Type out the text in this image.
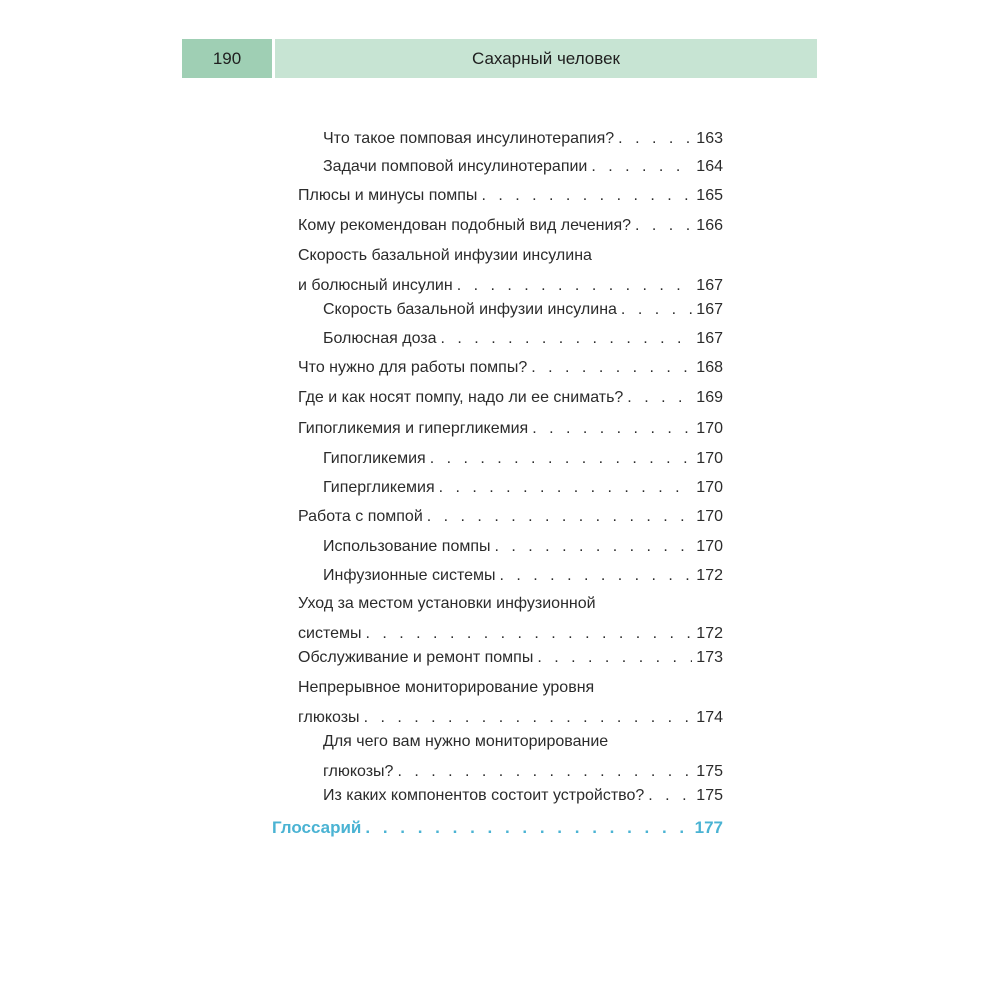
190	Сахарный человек
Что такое помповая инсулинотерапия? . . .	163
Задачи помповой инсулинотерапии . . .	164
Плюсы и минусы помпы . . .	165
Кому рекомендован подобный вид лечения? . . .	166
Скорость базальной инфузии инсулина
и болюсный инсулин . . .	167
Скорость базальной инфузии инсулина . . .	167
Болюсная доза . . .	167
Что нужно для работы помпы? . . .	168
Где и как носят помпу, надо ли ее снимать? . . .	169
Гипогликемия и гипергликемия . . .	170
Гипогликемия . . .	170
Гипергликемия . . .	170
Работа с помпой . . .	170
Использование помпы . . .	170
Инфузионные системы . . .	172
Уход за местом установки инфузионной
системы . . .	172
Обслуживание и ремонт помпы . . .	173
Непрерывное мониторирование уровня
глюкозы . . .	174
Для чего вам нужно мониторирование
глюкозы? . . .	175
Из каких компонентов состоит устройство? . . .	175
Глоссарий . . .	177
